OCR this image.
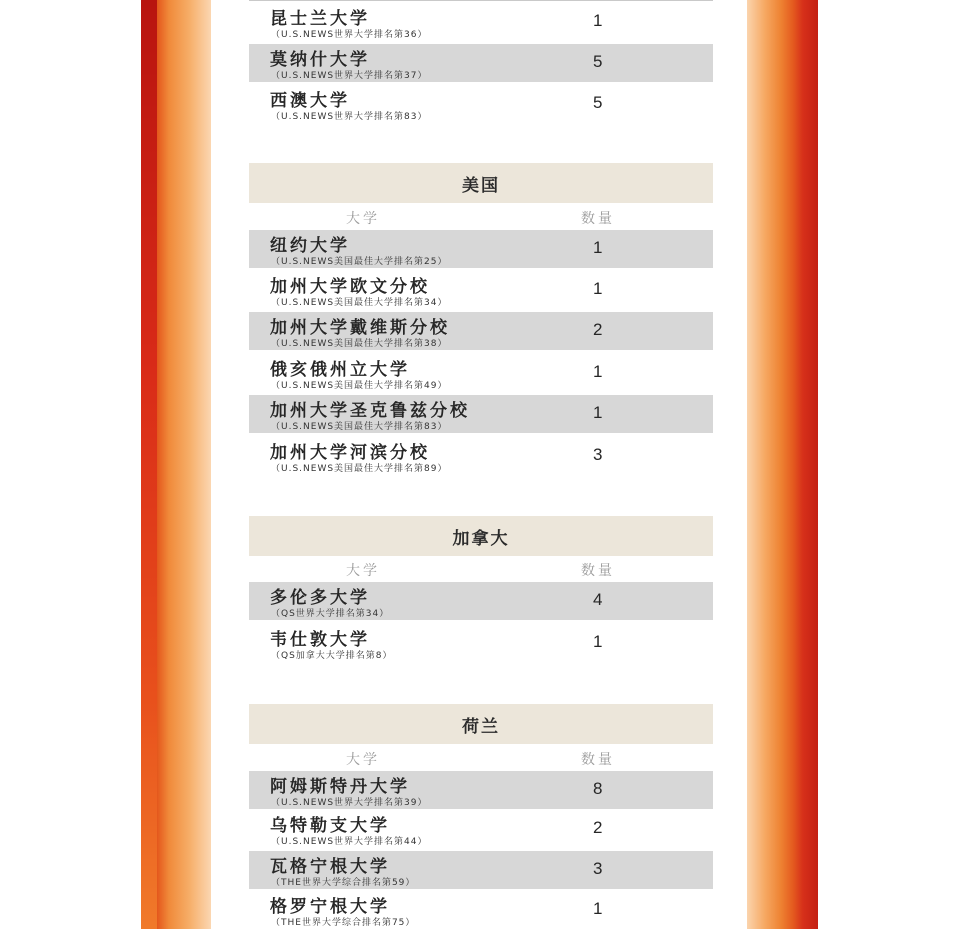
昆士兰大学
（U.S.NEWS世界大学排名第36）
1
莫纳什大学
（U.S.NEWS世界大学排名第37）
5
西澳大学
（U.S.NEWS世界大学排名第83）
5
美国
大学	数量
纽约大学
（U.S.NEWS美国最佳大学排名第25）
1
加州大学欧文分校
（U.S.NEWS美国最佳大学排名第34）
1
加州大学戴维斯分校
（U.S.NEWS美国最佳大学排名第38）
2
俄亥俄州立大学
（U.S.NEWS美国最佳大学排名第49）
1
加州大学圣克鲁兹分校
（U.S.NEWS美国最佳大学排名第83）
1
加州大学河滨分校
（U.S.NEWS美国最佳大学排名第89）
3
加拿大
大学	数量
多伦多大学
（QS世界大学排名第34）
4
韦仕敦大学
（QS加拿大大学排名第8）
1
荷兰
大学	数量
阿姆斯特丹大学
（U.S.NEWS世界大学排名第39）
8
乌特勒支大学
（U.S.NEWS世界大学排名第44）
2
瓦格宁根大学
（THE世界大学综合排名第59）
3
格罗宁根大学
（THE世界大学综合排名第75）
1
